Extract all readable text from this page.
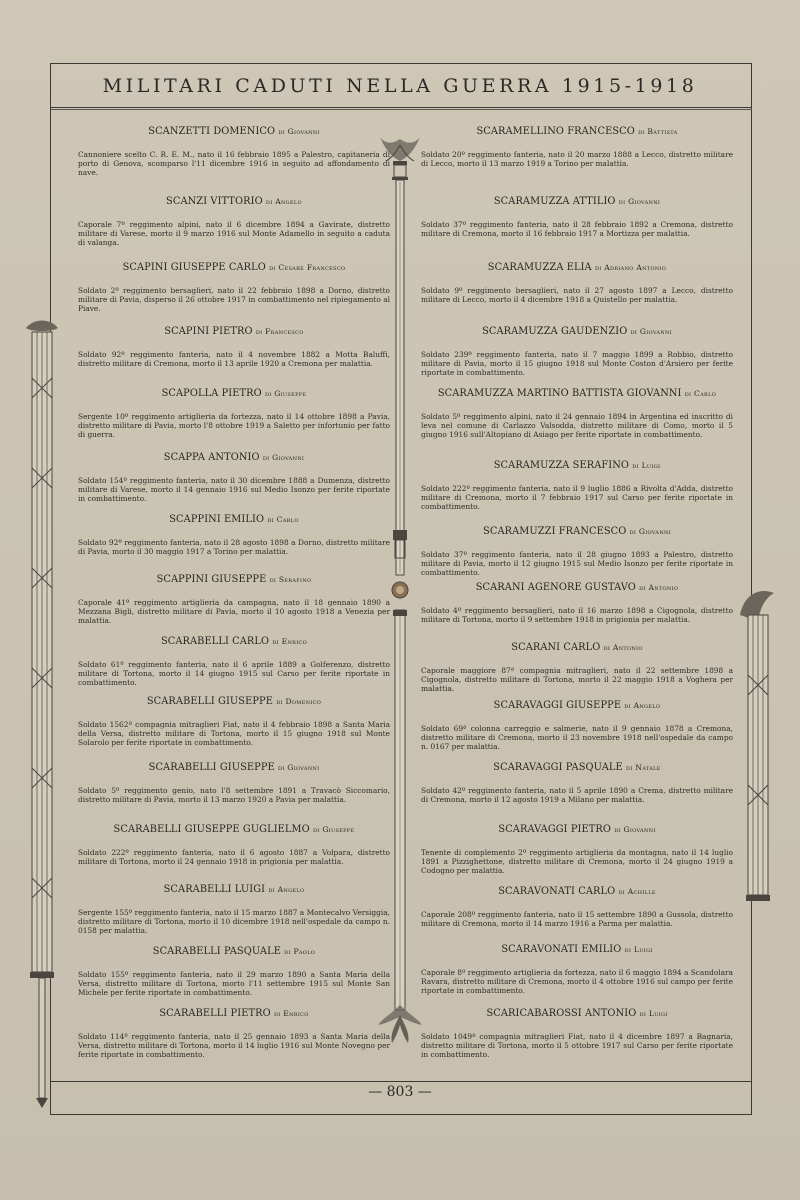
MILITARI CADUTI NELLA GUERRA 1915-1918
SCANZETTI DOMENICO di Giovanni
Cannoniere scelto C. R. E. M., nato il 16 febbraio 1895 a Palestro, capitaneria di porto di Genova, scomparso l'11 dicembre 1916 in seguito ad affondamento di nave.
SCANZI VITTORIO di Angelo
Caporale 7º reggimento alpini, nato il 6 dicembre 1894 a Gavirate, distretto militare di Varese, morto il 9 marzo 1916 sul Monte Adamello in seguito a caduta di valanga.
SCAPINI GIUSEPPE CARLO di Cesare Francesco
Soldato 2º reggimento bersaglieri, nato il 22 febbraio 1898 a Dorno, distretto militare di Pavia, disperso il 26 ottobre 1917 in combattimento nel ripiegamento al Piave.
SCAPINI PIETRO di Francesco
Soldato 92º reggimento fanteria, nato il 4 novembre 1882 a Motta Baluffi, distretto militare di Cremona, morto il 13 aprile 1920 a Cremona per malattia.
SCAPOLLA PIETRO di Giuseppe
Sergente 10º reggimento artiglieria da fortezza, nato il 14 ottobre 1898 a Pavia, distretto militare di Pavia, morto l'8 ottobre 1919 a Saletto per infortunio per fatto di guerra.
SCAPPA ANTONIO di Giovanni
Soldato 154º reggimento fanteria, nato il 30 dicembre 1888 a Dumenza, distretto militare di Varese, morto il 14 gennaio 1916 sul Medio Isonzo per ferite riportate in combattimento.
SCAPPINI EMILIO di Carlo
Soldato 92º reggimento fanteria, nato il 28 agosto 1898 a Dorno, distretto militare di Pavia, morto il 30 maggio 1917 a Torino per malattia.
SCAPPINI GIUSEPPE di Serafino
Caporale 41º reggimento artiglieria da campagna, nato il 18 gennaio 1890 a Mezzana Bigli, distretto militare di Pavia, morto il 10 agosto 1918 a Venezia per malattia.
SCARABELLI CARLO di Enrico
Soldato 61º reggimento fanteria, nato il 6 aprile 1889 a Golferenzo, distretto militare di Tortona, morto il 14 giugno 1915 sul Carso per ferite riportate in combattimento.
SCARABELLI GIUSEPPE di Domenico
Soldato 1562ª compagnia mitraglieri Fiat, nato il 4 febbraio 1898 a Santa Maria della Versa, distretto militare di Tortona, morto il 15 giugno 1918 sul Monte Solarolo per ferite riportate in combattimento.
SCARABELLI GIUSEPPE di Giovanni
Soldato 5º reggimento genio, nato l'8 settembre 1891 a Travacò Siccomario, distretto militare di Pavia, morto il 13 marzo 1920 a Pavia per malattia.
SCARABELLI GIUSEPPE GUGLIELMO di Giuseppe
Soldato 222º reggimento fanteria, nato il 6 agosto 1887 a Volpara, distretto militare di Tortona, morto il 24 gennaio 1918 in prigionia per malattia.
SCARABELLI LUIGI di Angelo
Sergente 155º reggimento fanteria, nato il 15 marzo 1887 a Montecalvo Versiggia, distretto militare di Tortona, morto il 10 dicembre 1918 nell'ospedale da campo n. 0158 per malattia.
SCARABELLI PASQUALE di Paolo
Soldato 155º reggimento fanteria, nato il 29 marzo 1890 a Santa Maria della Versa, distretto militare di Tortona, morto l'11 settembre 1915 sul Monte San Michele per ferite riportate in combattimento.
SCARABELLI PIETRO di Enrico
Soldato 114º reggimento fanteria, nato il 25 gennaio 1893 a Santa Maria della Versa, distretto militare di Tortona, morto il 14 luglio 1916 sul Monte Novegno per ferite riportate in combattimento.
SCARAMELLINO FRANCESCO di Battista
Soldato 20º reggimento fanteria, nato il 20 marzo 1888 a Lecco, distretto militare di Lecco, morto il 13 marzo 1919 a Torino per malattia.
SCARAMUZZA ATTILIO di Giovanni
Soldato 37º reggimento fanteria, nato il 28 febbraio 1892 a Cremona, distretto militare di Cremona, morto il 16 febbraio 1917 a Mortizza per malattia.
SCARAMUZZA ELIA di Adriano Antonio
Soldato 9º reggimento bersaglieri, nato il 27 agosto 1897 a Lecco, distretto militare di Lecco, morto il 4 dicembre 1918 a Quistello per malattia.
SCARAMUZZA GAUDENZIO di Giovanni
Soldato 239º reggimento fanteria, nato il 7 maggio 1899 a Robbio, distretto militare di Pavia, morto il 15 giugno 1918 sul Monte Coston d'Arsiero per ferite riportate in combattimento.
SCARAMUZZA MARTINO BATTISTA GIOVANNI di Carlo
Soldato 5º reggimento alpini, nato il 24 gennaio 1894 in Argentina ed inscritto di leva nel comune di Carlazzo Valsodda, distretto militare di Como, morto il 5 giugno 1916 sull'Altopiano di Asiago per ferite riportate in combattimento.
SCARAMUZZA SERAFINO di Luigi
Soldato 222º reggimento fanteria, nato il 9 luglio 1886 a Rivolta d'Adda, distretto militare di Cremona, morto il 7 febbraio 1917 sul Carso per ferite riportate in combattimento.
SCARAMUZZI FRANCESCO di Giovanni
Soldato 37º reggimento fanteria, nato il 28 giugno 1893 a Palestro, distretto militare di Pavia, morto il 12 giugno 1915 sul Medio Isonzo per ferite riportate in combattimento.
SCARANI AGENORE GUSTAVO di Antonio
Soldato 4º reggimento bersaglieri, nato il 16 marzo 1898 a Cigognola, distretto militare di Tortona, morto il 9 settembre 1918 in prigionia per malattia.
SCARANI CARLO di Antonio
Caporale maggiore 87ª compagnia mitraglieri, nato il 22 settembre 1898 a Cigognola, distretto militare di Tortona, morto il 22 maggio 1918 a Voghera per malattia.
SCARAVAGGI GIUSEPPE di Angelo
Soldato 69ª colonna carreggio e salmerie, nato il 9 gennaio 1878 a Cremona, distretto militare di Cremona, morto il 23 novembre 1918 nell'ospedale da campo n. 0167 per malattia.
SCARAVAGGI PASQUALE di Natale
Soldato 42º reggimento fanteria, nato il 5 aprile 1890 a Crema, distretto militare di Cremona, morto il 12 agosto 1919 a Milano per malattia.
SCARAVAGGI PIETRO di Giovanni
Tenente di complemento 2º reggimento artiglieria da montagna, nato il 14 luglio 1891 a Pizzighettone, distretto militare di Cremona, morto il 24 giugno 1919 a Codogno per malattia.
SCARAVONATI CARLO di Achille
Caporale 208º reggimento fanteria, nato il 15 settembre 1890 a Gussola, distretto militare di Cremona, morto il 14 marzo 1916 a Parma per malattia.
SCARAVONATI EMILIO di Luigi
Caporale 8º reggimento artiglieria da fortezza, nato il 6 maggio 1894 a Scandolara Ravara, distretto militare di Cremona, morto il 4 ottobre 1916 sul campo per ferite riportate in combattimento.
SCARICABAROSSI ANTONIO di Luigi
Soldato 1049ª compagnia mitraglieri Fiat, nato il 4 dicembre 1897 a Bagnaria, distretto militare di Tortona, morto il 5 ottobre 1917 sul Carso per ferite riportate in combattimento.
— 803 —
